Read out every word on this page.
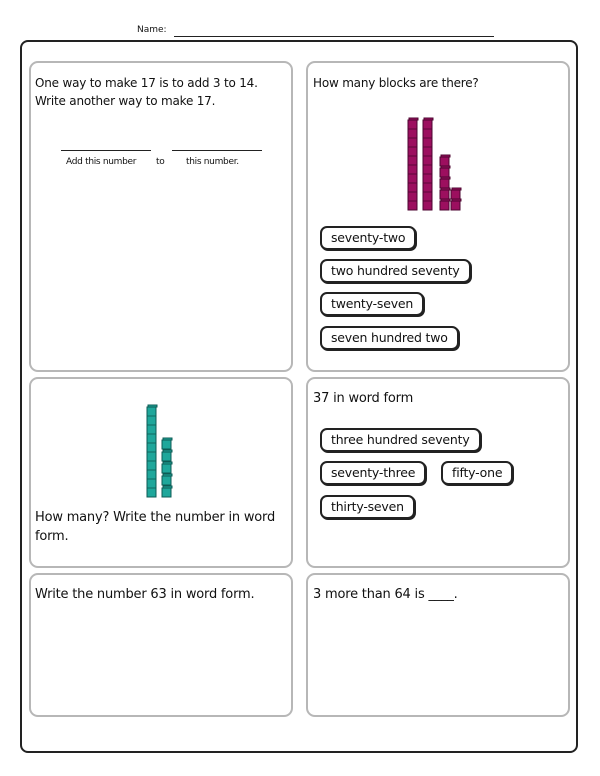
Name:
One way to make 17 is to add 3 to 14.
Write another way to make 17.
Add this number to this number.
How many blocks are there?
seventy-two
two hundred seventy
twenty-seven
seven hundred two
How many? Write the number in word
form.
37 in word form
three hundred seventy
seventy-three	fifty-one
thirty-seven
Write the number 63 in word form.	3 more than 64 is ____.
